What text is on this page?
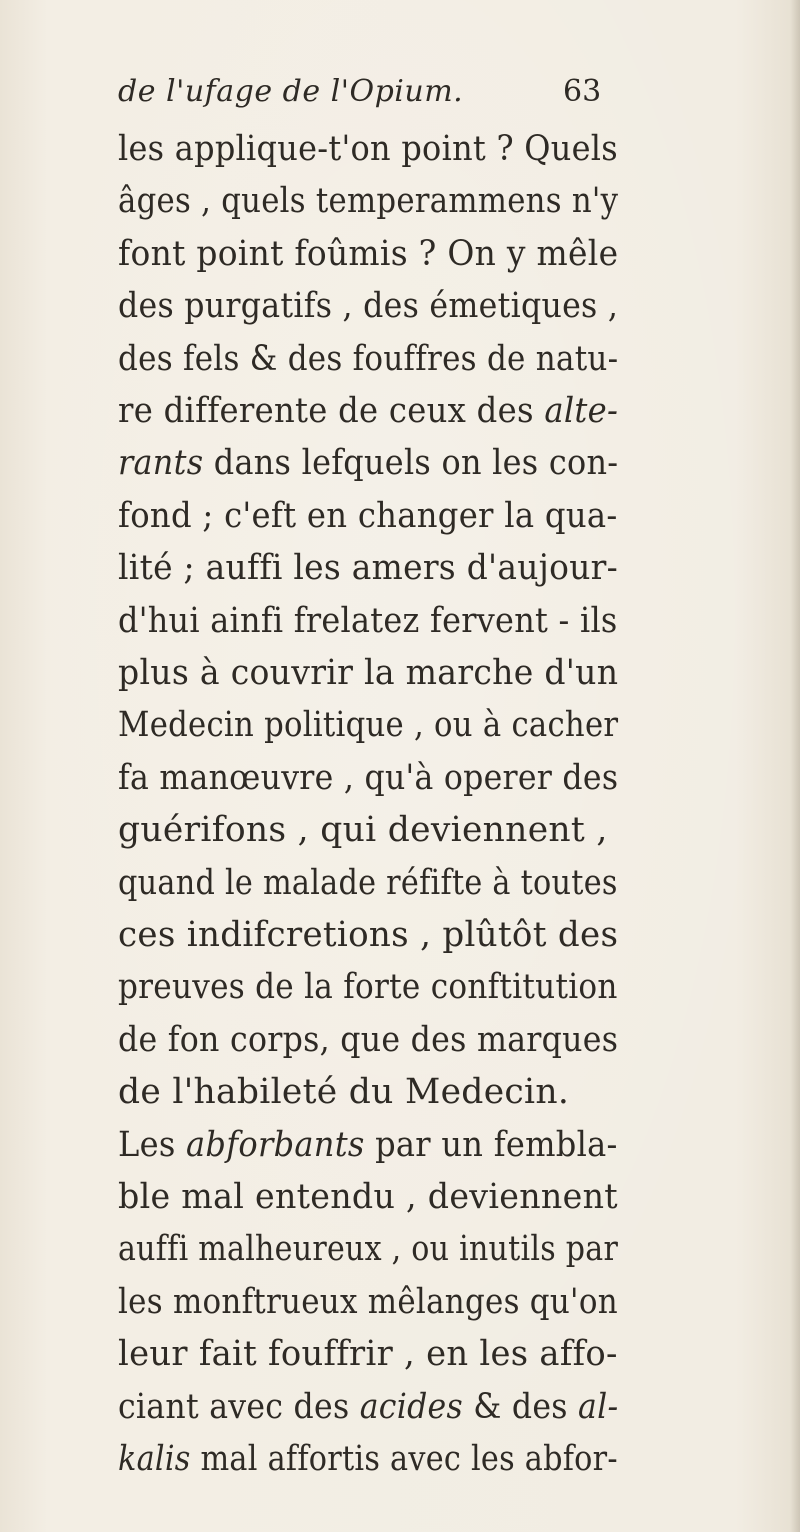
de l'ufage de l'Opium.	63
les applique-t'on point ? Quels
âges , quels temperammens n'y
font point foûmis ? On y mêle
des purgatifs , des émetiques ,
des fels & des fouffres de natu-
re differente de ceux des alte-
rants dans lefquels on les con-
fond ; c'eft en changer la qua-
lité ; auffi les amers d'aujour-
d'hui ainfi frelatez fervent - ils
plus à couvrir la marche d'un
Medecin politique , ou à cacher
fa manœuvre , qu'à operer des
guérifons , qui deviennent ,
quand le malade réfifte à toutes
ces indifcretions , plûtôt des
preuves de la forte conftitution
de fon corps, que des marques
de l'habileté du Medecin.
Les abforbants par un fembla-
ble mal entendu , deviennent
auffi malheureux , ou inutils par
les monftrueux mêlanges qu'on
leur fait fouffrir , en les affo-
ciant avec des acides & des al-
kalis mal affortis avec les abfor-
